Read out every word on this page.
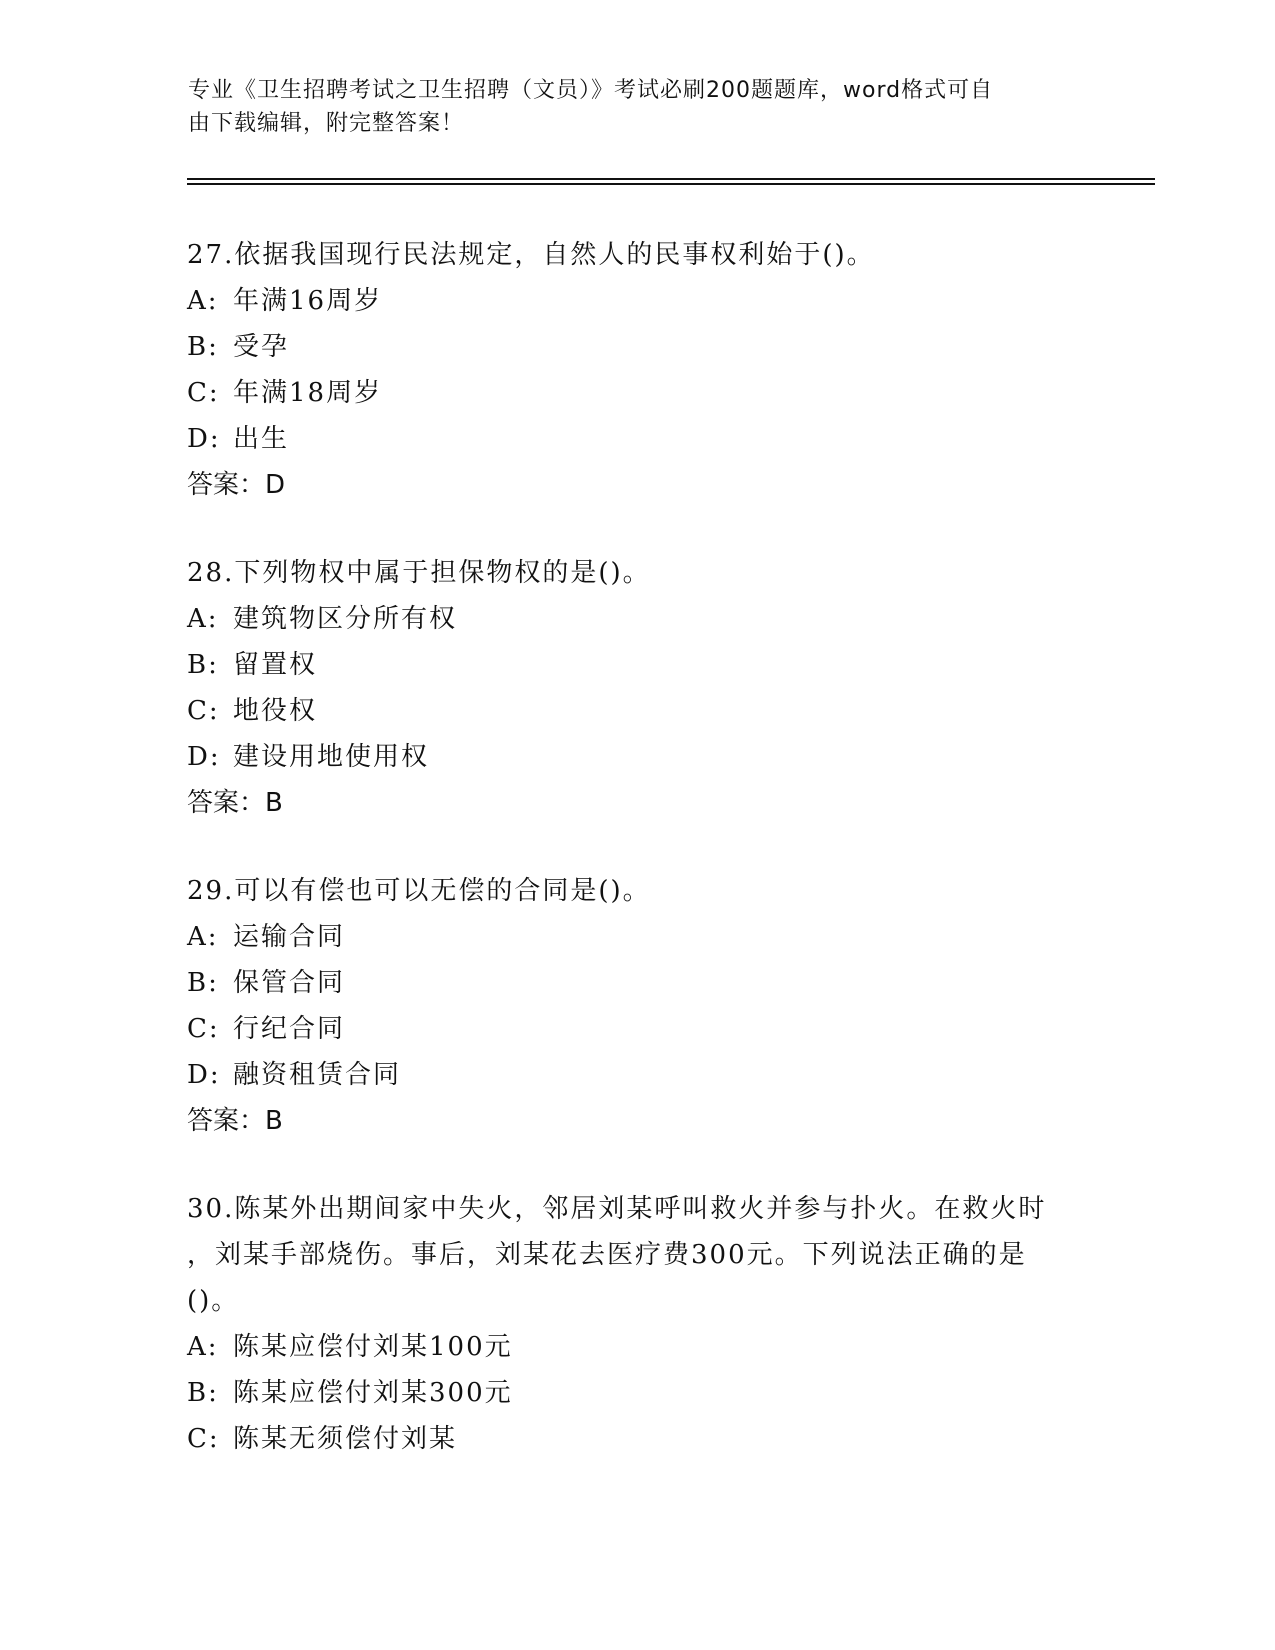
专业《卫生招聘考试之卫生招聘（文员）》考试必刷200题题库，word格式可自
由下载编辑，附完整答案！
27.依据我国现行民法规定，自然人的民事权利始于()。
A: 年满16周岁
B: 受孕
C: 年满18周岁
D: 出生
答案：D
28.下列物权中属于担保物权的是()。
A: 建筑物区分所有权
B: 留置权
C: 地役权
D: 建设用地使用权
答案：B
29.可以有偿也可以无偿的合同是()。
A: 运输合同
B: 保管合同
C: 行纪合同
D: 融资租赁合同
答案：B
30.陈某外出期间家中失火，邻居刘某呼叫救火并参与扑火。在救火时
，刘某手部烧伤。事后，刘某花去医疗费300元。下列说法正确的是
()。
A: 陈某应偿付刘某100元
B: 陈某应偿付刘某300元
C: 陈某无须偿付刘某
